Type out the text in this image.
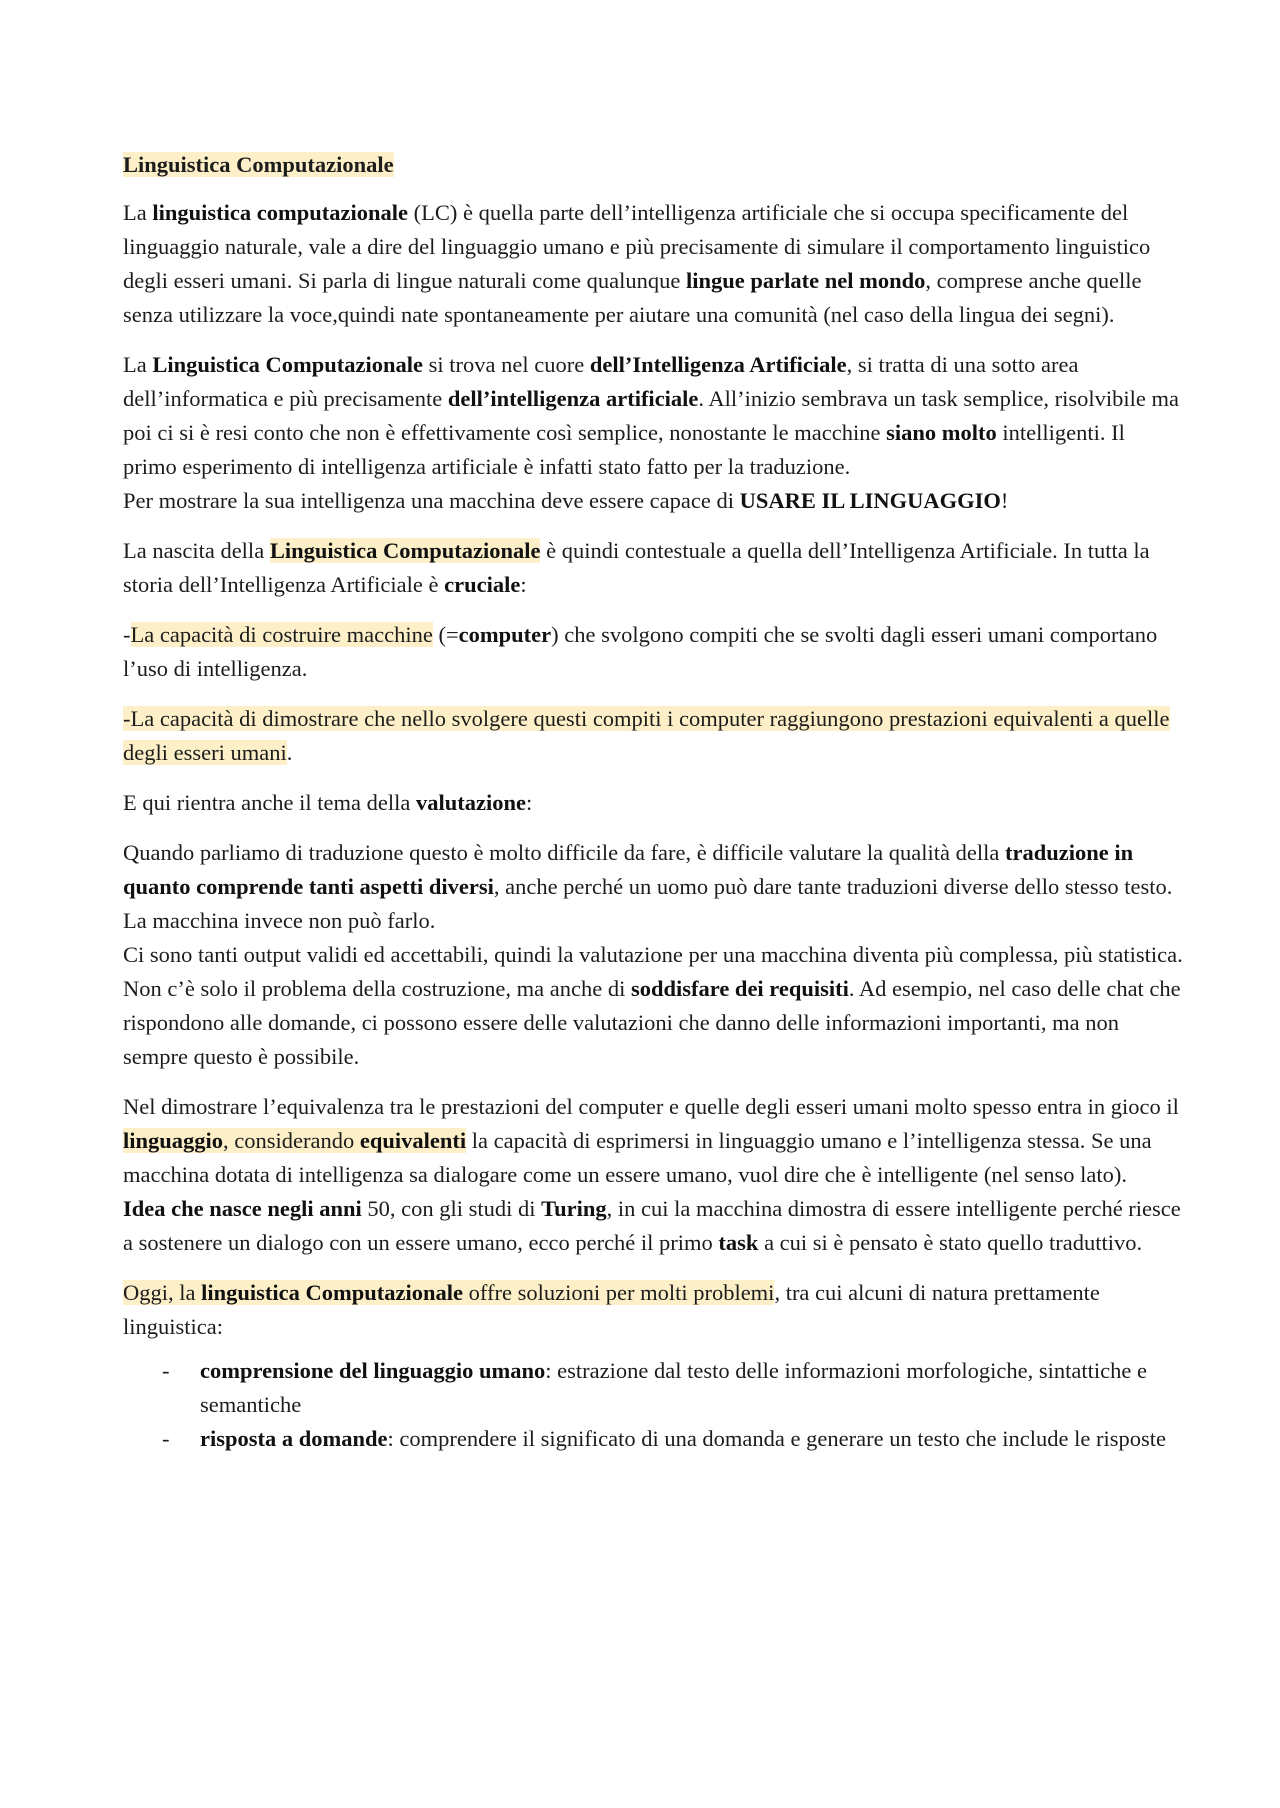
Linguistica Computazionale

La linguistica computazionale (LC) è quella parte dell’intelligenza artificiale che si occupa specificamente del linguaggio naturale, vale a dire del linguaggio umano e più precisamente di simulare il comportamento linguistico degli esseri umani. Si parla di lingue naturali come qualunque lingue parlate nel mondo, comprese anche quelle senza utilizzare la voce,quindi nate spontaneamente per aiutare una comunità (nel caso della lingua dei segni).

La Linguistica Computazionale si trova nel cuore dell’Intelligenza Artificiale, si tratta di una sotto area dell’informatica e più precisamente dell’intelligenza artificiale. All’inizio sembrava un task semplice, risolvibile ma poi ci si è resi conto che non è effettivamente così semplice, nonostante le macchine siano molto intelligenti. Il primo esperimento di intelligenza artificiale è infatti stato fatto per la traduzione.
Per mostrare la sua intelligenza una macchina deve essere capace di USARE IL LINGUAGGIO!

La nascita della Linguistica Computazionale è quindi contestuale a quella dell’Intelligenza Artificiale. In tutta la storia dell’Intelligenza Artificiale è cruciale:

-La capacità di costruire macchine (=computer) che svolgono compiti che se svolti dagli esseri umani comportano l’uso di intelligenza.

-La capacità di dimostrare che nello svolgere questi compiti i computer raggiungono prestazioni equivalenti a quelle degli esseri umani.

E qui rientra anche il tema della valutazione:

Quando parliamo di traduzione questo è molto difficile da fare, è difficile valutare la qualità della traduzione in quanto comprende tanti aspetti diversi, anche perché un uomo può dare tante traduzioni diverse dello stesso testo. La macchina invece non può farlo.
Ci sono tanti output validi ed accettabili, quindi la valutazione per una macchina diventa più complessa, più statistica. Non c’è solo il problema della costruzione, ma anche di soddisfare dei requisiti. Ad esempio, nel caso delle chat che rispondono alle domande, ci possono essere delle valutazioni che danno delle informazioni importanti, ma non sempre questo è possibile.

Nel dimostrare l’equivalenza tra le prestazioni del computer e quelle degli esseri umani molto spesso entra in gioco il linguaggio, considerando equivalenti la capacità di esprimersi in linguaggio umano e l’intelligenza stessa. Se una macchina dotata di intelligenza sa dialogare come un essere umano, vuol dire che è intelligente (nel senso lato).
Idea che nasce negli anni 50, con gli studi di Turing, in cui la macchina dimostra di essere intelligente perché riesce a sostenere un dialogo con un essere umano, ecco perché il primo task a cui si è pensato è stato quello traduttivo.

Oggi, la linguistica Computazionale offre soluzioni per molti problemi, tra cui alcuni di natura prettamente linguistica:

- comprensione del linguaggio umano: estrazione dal testo delle informazioni morfologiche, sintattiche e semantiche
- risposta a domande: comprendere il significato di una domanda e generare un testo che include le risposte
